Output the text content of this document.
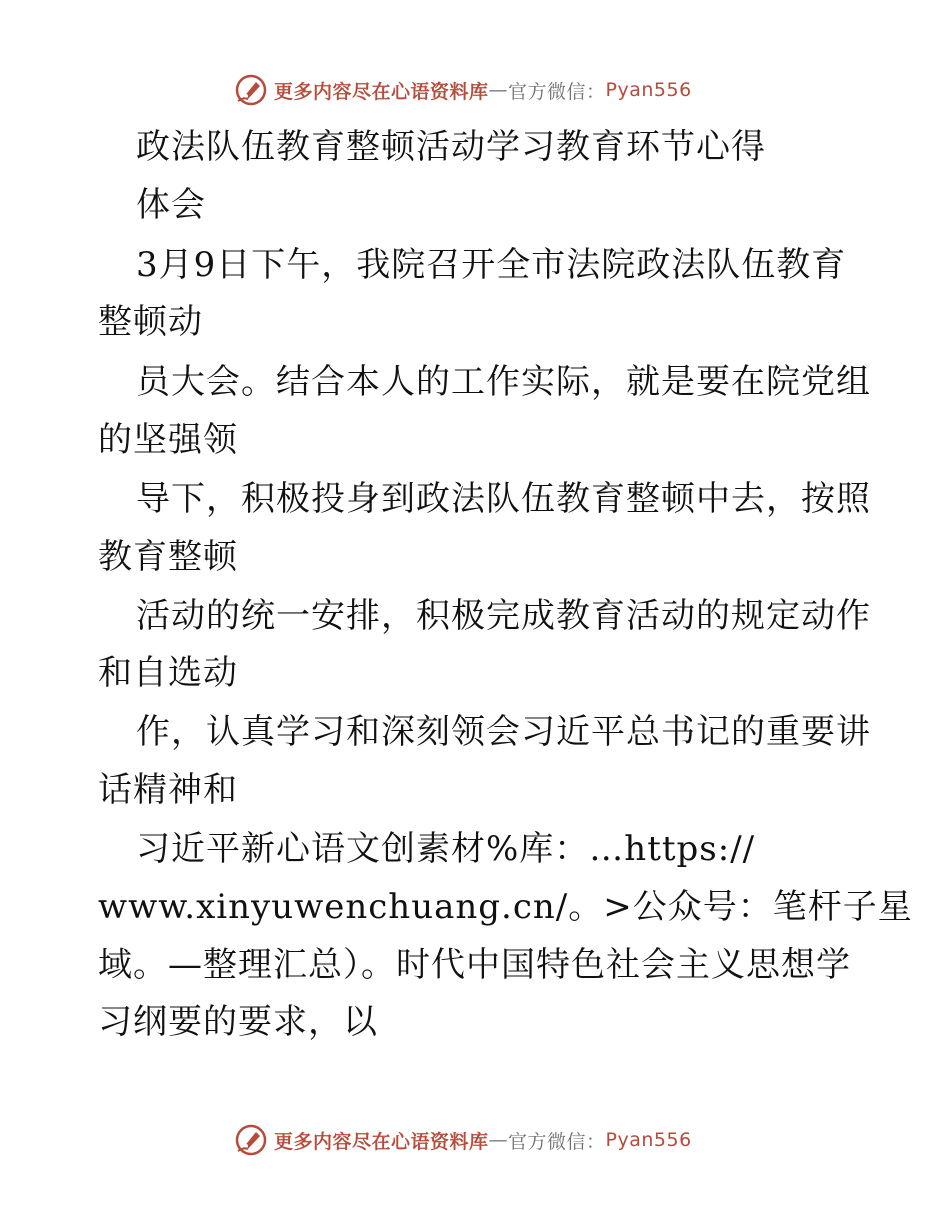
更多内容尽在心语资料库 — 官方微信： Pyan556
政法队伍教育整顿活动学习教育环节心得
体会
3月9日下午，我院召开全市法院政法队伍教育
整顿动
员大会。结合本人的工作实际，就是要在院党组
的坚强领
导下，积极投身到政法队伍教育整顿中去，按照
教育整顿
活动的统一安排，积极完成教育活动的规定动作
和自选动
作，认真学习和深刻领会习近平总书记的重要讲
话精神和
习近平新心语文创素材%库：…https://
www.xinyuwenchuang.cn/。>公众号：笔杆子星
域。—整理汇总）。时代中国特色社会主义思想学
习纲要的要求，以
更多内容尽在心语资料库 — 官方微信： Pyan556
